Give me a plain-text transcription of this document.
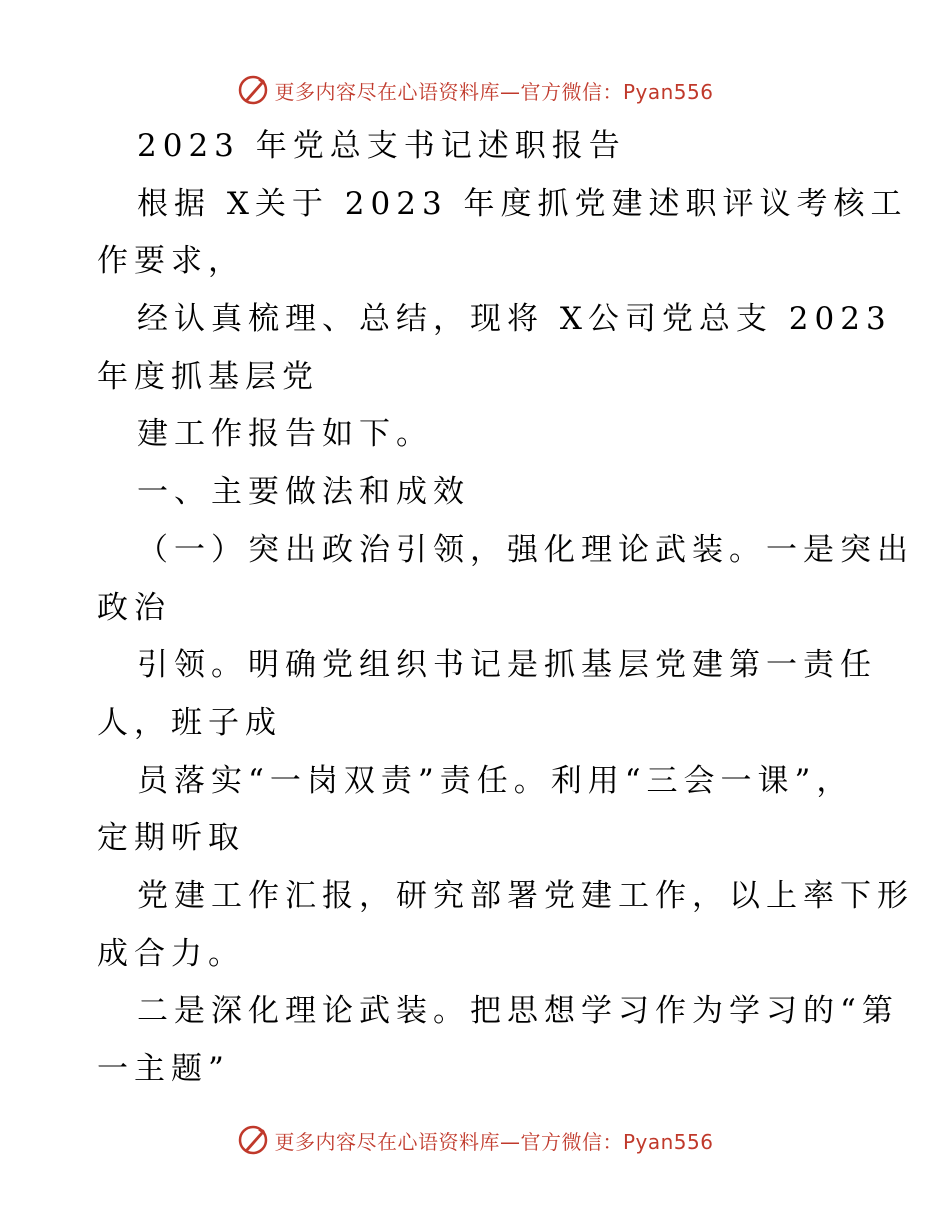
更多内容尽在心语资料库—官方微信：Pyan556
2023 年党总支书记述职报告
根据 X关于 2023 年度抓党建述职评议考核工
作要求，
经认真梳理、总结，现将 X公司党总支 2023
年度抓基层党
建工作报告如下。
一、主要做法和成效
（一）突出政治引领，强化理论武装。一是突出
政治
引领。明确党组织书记是抓基层党建第一责任
人，班子成
员落实“一岗双责”责任。利用“三会一课”，
定期听取
党建工作汇报，研究部署党建工作，以上率下形
成合力。
二是深化理论武装。把思想学习作为学习的“第
一主题”
更多内容尽在心语资料库—官方微信：Pyan556
